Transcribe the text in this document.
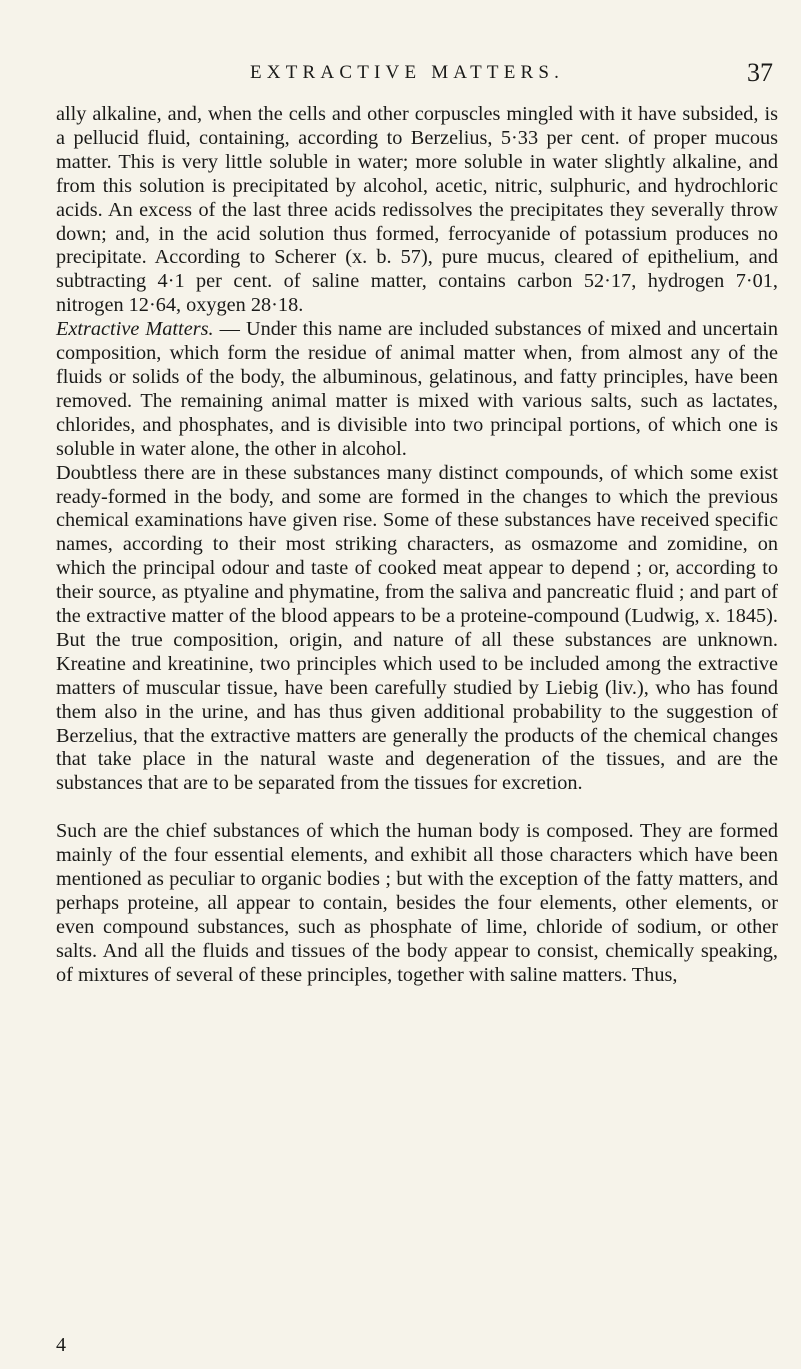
EXTRACTIVE MATTERS.	37

ally alkaline, and, when the cells and other corpuscles mingled with it have subsided, is a pellucid fluid, containing, according to Berzelius, 5·33 per cent. of proper mucous matter. This is very little soluble in water; more soluble in water slightly alkaline, and from this solution is precipitated by alcohol, acetic, nitric, sulphuric, and hydrochloric acids. An excess of the last three acids redissolves the precipitates they severally throw down; and, in the acid solution thus formed, ferrocyanide of potassium produces no precipitate. According to Scherer (x. b. 57), pure mucus, cleared of epithelium, and subtracting 4·1 per cent. of saline matter, contains carbon 52·17, hydrogen 7·01, nitrogen 12·64, oxygen 28·18.

Extractive Matters. — Under this name are included substances of mixed and uncertain composition, which form the residue of animal matter when, from almost any of the fluids or solids of the body, the albuminous, gelatinous, and fatty principles, have been removed. The remaining animal matter is mixed with various salts, such as lactates, chlorides, and phosphates, and is divisible into two principal portions, of which one is soluble in water alone, the other in alcohol.

Doubtless there are in these substances many distinct compounds, of which some exist ready-formed in the body, and some are formed in the changes to which the previous chemical examinations have given rise. Some of these substances have received specific names, according to their most striking characters, as osmazome and zomidine, on which the principal odour and taste of cooked meat appear to depend ; or, according to their source, as ptyaline and phymatine, from the saliva and pancreatic fluid ; and part of the extractive matter of the blood appears to be a proteine-compound (Ludwig, x. 1845). But the true composition, origin, and nature of all these substances are unknown. Kreatine and kreatinine, two principles which used to be included among the extractive matters of muscular tissue, have been carefully studied by Liebig (liv.), who has found them also in the urine, and has thus given additional probability to the suggestion of Berzelius, that the extractive matters are generally the products of the chemical changes that take place in the natural waste and degeneration of the tissues, and are the substances that are to be separated from the tissues for excretion.

Such are the chief substances of which the human body is composed. They are formed mainly of the four essential elements, and exhibit all those characters which have been mentioned as peculiar to organic bodies ; but with the exception of the fatty matters, and perhaps proteine, all appear to contain, besides the four elements, other elements, or even compound substances, such as phosphate of lime, chloride of sodium, or other salts. And all the fluids and tissues of the body appear to consist, chemically speaking, of mixtures of several of these principles, together with saline matters. Thus,

4
